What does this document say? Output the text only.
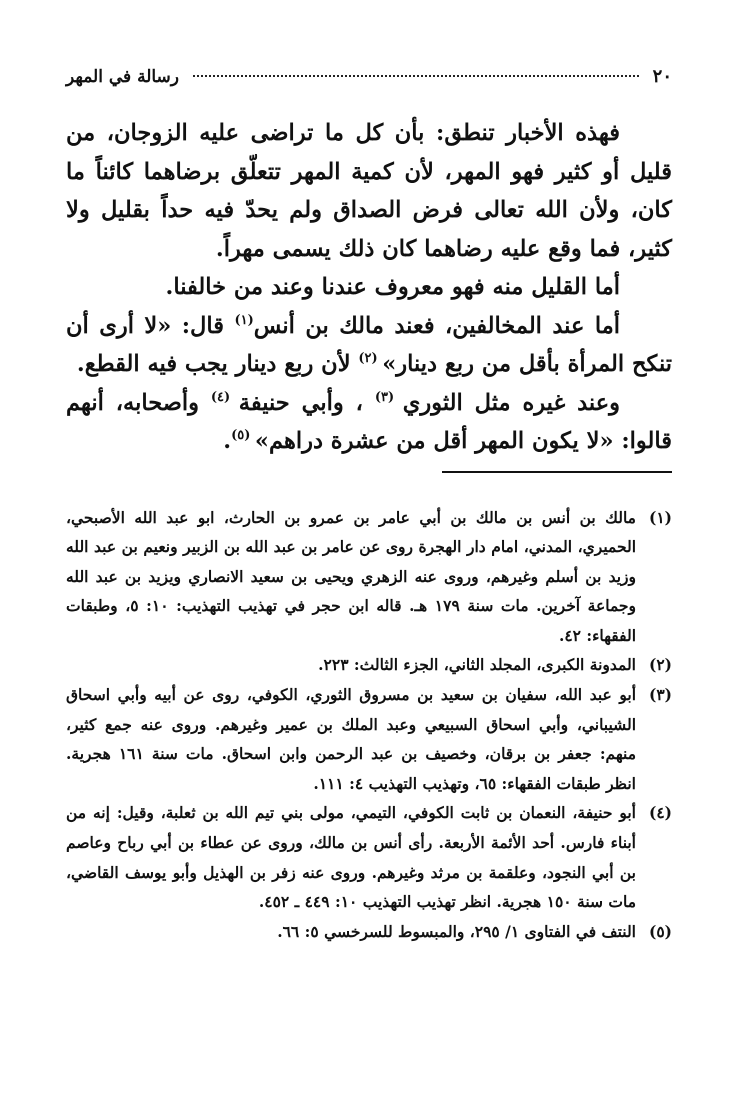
٢٠
رسالة في المهر

فهذه الأخبار تنطق: بأن كل ما تراضى عليه الزوجان، من قليل أو كثير فهو المهر، لأن كمية المهر تتعلّق برضاهما كائناً ما كان، ولأن الله تعالى فرض الصداق ولم يحدّ فيه حداً بقليل ولا كثير، فما وقع عليه رضاهما كان ذلك يسمى مهراً.

أما القليل منه فهو معروف عندنا وعند من خالفنا.

أما عند المخالفين، فعند مالك بن أنس$^{(١)}$ قال: «لا أرى أن تنكح المرأة بأقل من ربع دينار» $^{(٢)}$ لأن ربع دينار يجب فيه القطع.

وعند غيره مثل الثوري $^{(٣)}$ ، وأبي حنيفة $^{(٤)}$ وأصحابه، أنهم قالوا: «لا يكون المهر أقل من عشرة دراهم» $^{(٥)}$.

(١)
مالك بن أنس بن مالك بن أبي عامر بن عمرو بن الحارث، ابو عبد الله الأصبحي، الحميري، المدني، امام دار الهجرة روى عن عامر بن عبد الله بن الزبير ونعيم بن عبد الله وزيد بن أسلم وغيرهم، وروى عنه الزهري ويحيى بن سعيد الانصاري ويزيد بن عبد الله وجماعة آخرين. مات سنة ١٧٩ هـ. قاله ابن حجر في تهذيب التهذيب: ١٠: ٥، وطبقات الفقهاء: ٤٢.
(٢)
المدونة الكبرى، المجلد الثاني، الجزء الثالث: ٢٢٣.
(٣)
أبو عبد الله، سفيان بن سعيد بن مسروق الثوري، الكوفي، روى عن أبيه وأبي اسحاق الشيباني، وأبي اسحاق السبيعي وعبد الملك بن عمير وغيرهم. وروى عنه جمع كثير، منهم: جعفر بن برقان، وخصيف بن عبد الرحمن وابن اسحاق. مات سنة ١٦١ هجرية. انظر طبقات الفقهاء: ٦٥، وتهذيب التهذيب ٤: ١١١.
(٤)
أبو حنيفة، النعمان بن ثابت الكوفي، التيمي، مولى بني تيم الله بن ثعلبة، وقيل: إنه من أبناء فارس. أحد الأئمة الأربعة. رأى أنس بن مالك، وروى عن عطاء بن أبي رباح وعاصم بن أبي النجود، وعلقمة بن مرثد وغيرهم. وروى عنه زفر بن الهذيل وأبو يوسف القاضي، مات سنة ١٥٠ هجرية. انظر تهذيب التهذيب ١٠: ٤٤٩ ـ ٤٥٢.
(٥)
النتف في الفتاوى ١/ ٢٩٥، والمبسوط للسرخسي ٥: ٦٦.
